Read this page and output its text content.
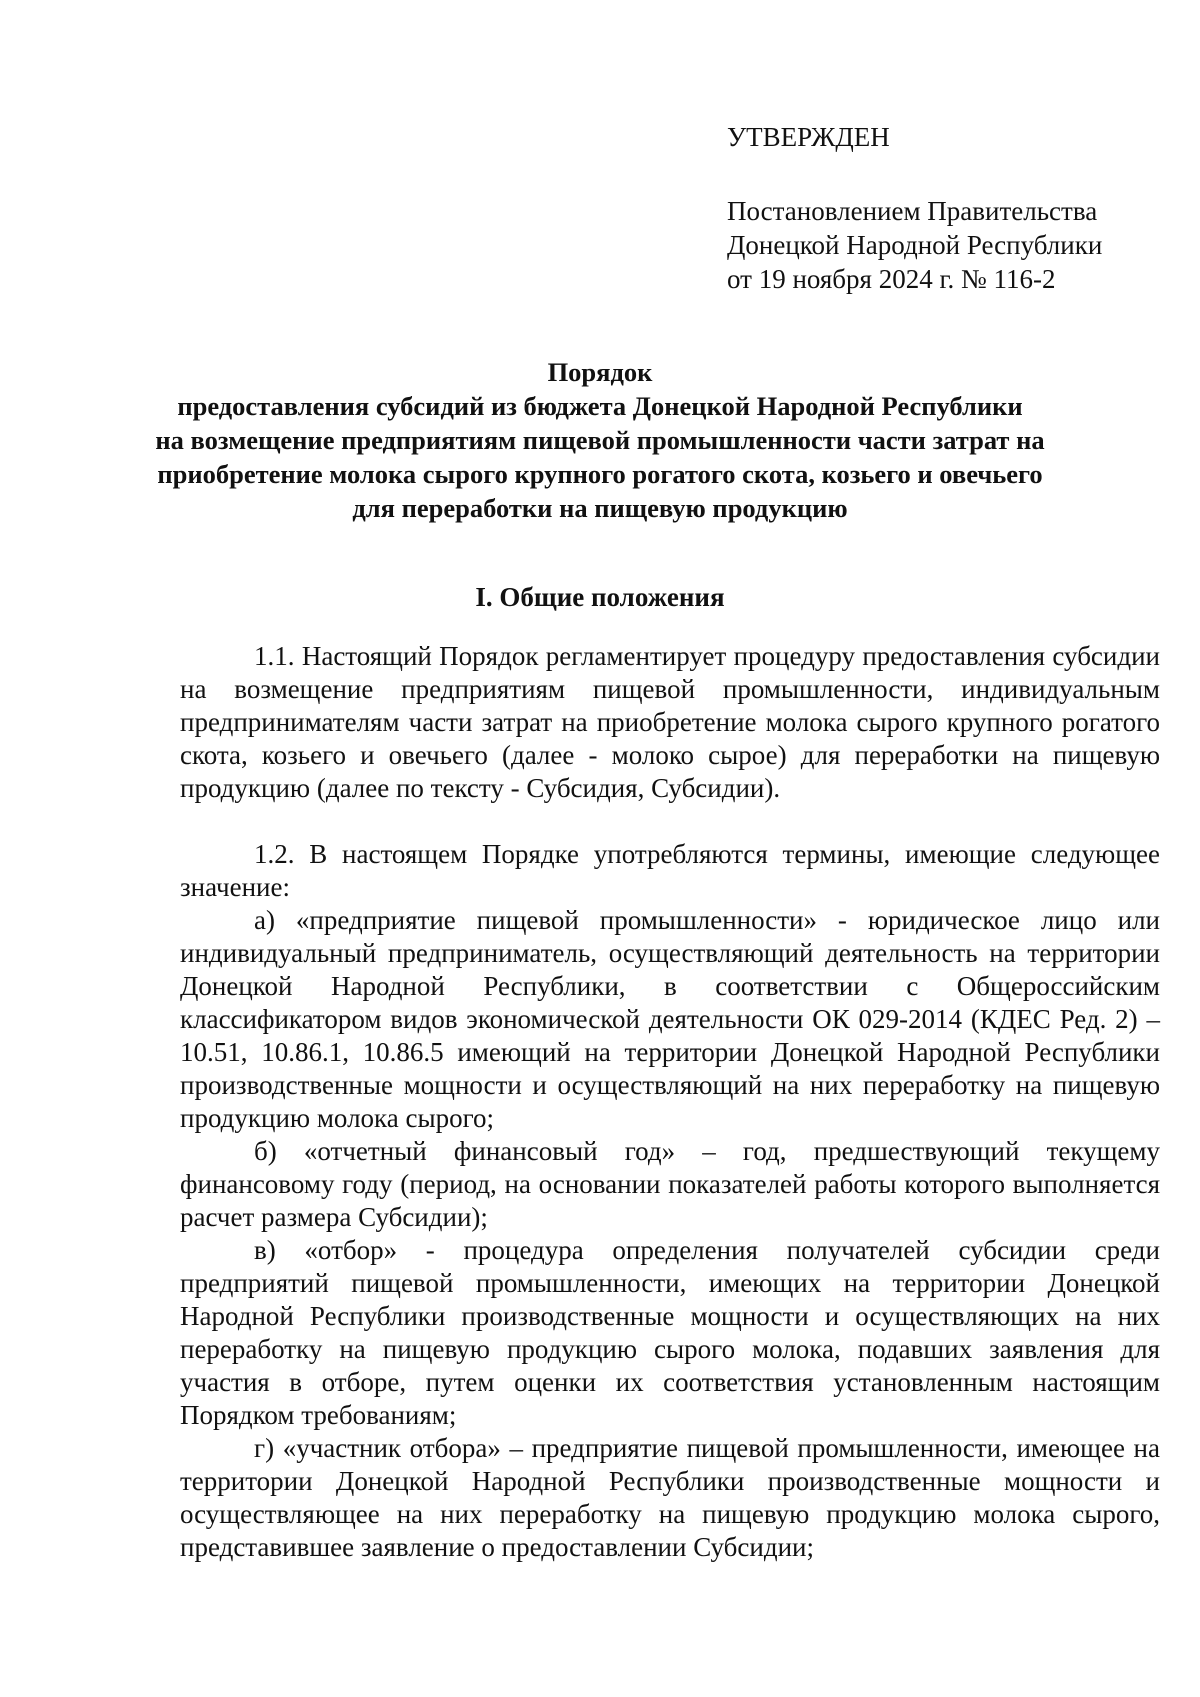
УТВЕРЖДЕН
Постановлением Правительства
Донецкой Народной Республики
от 19 ноября 2024 г. № 116-2
Порядок
предоставления субсидий из бюджета Донецкой Народной Республики
на возмещение предприятиям пищевой промышленности части затрат на
приобретение молока сырого крупного рогатого скота, козьего и овечьего
для переработки на пищевую продукцию
I. Общие положения

1.1. Настоящий Порядок регламентирует процедуру предоставления субсидии на возмещение предприятиям пищевой промышленности, индивидуальным предпринимателям части затрат на приобретение молока сырого крупного рогатого скота, козьего и овечьего (далее - молоко сырое) для переработки на пищевую продукцию (далее по тексту - Субсидия, Субсидии).

1.2. В настоящем Порядке употребляются термины, имеющие следующее значение:

а) «предприятие пищевой промышленности» - юридическое лицо или индивидуальный предприниматель, осуществляющий деятельность на территории Донецкой Народной Республики, в соответствии с Общероссийским классификатором видов экономической деятельности ОК 029-2014 (КДЕС Ред. 2) – 10.51, 10.86.1, 10.86.5 имеющий на территории Донецкой Народной Республики производственные мощности и осуществляющий на них переработку на пищевую продукцию молока сырого;

б) «отчетный финансовый год» – год, предшествующий текущему финансовому году (период, на основании показателей работы которого выполняется расчет размера Субсидии);

в) «отбор» - процедура определения получателей субсидии среди предприятий пищевой промышленности, имеющих на территории Донецкой Народной Республики производственные мощности и осуществляющих на них переработку на пищевую продукцию сырого молока, подавших заявления для участия в отборе, путем оценки их соответствия установленным настоящим Порядком требованиям;

г) «участник отбора» – предприятие пищевой промышленности, имеющее на территории Донецкой Народной Республики производственные мощности и осуществляющее на них переработку на пищевую продукцию молока сырого, представившее заявление о предоставлении Субсидии;
